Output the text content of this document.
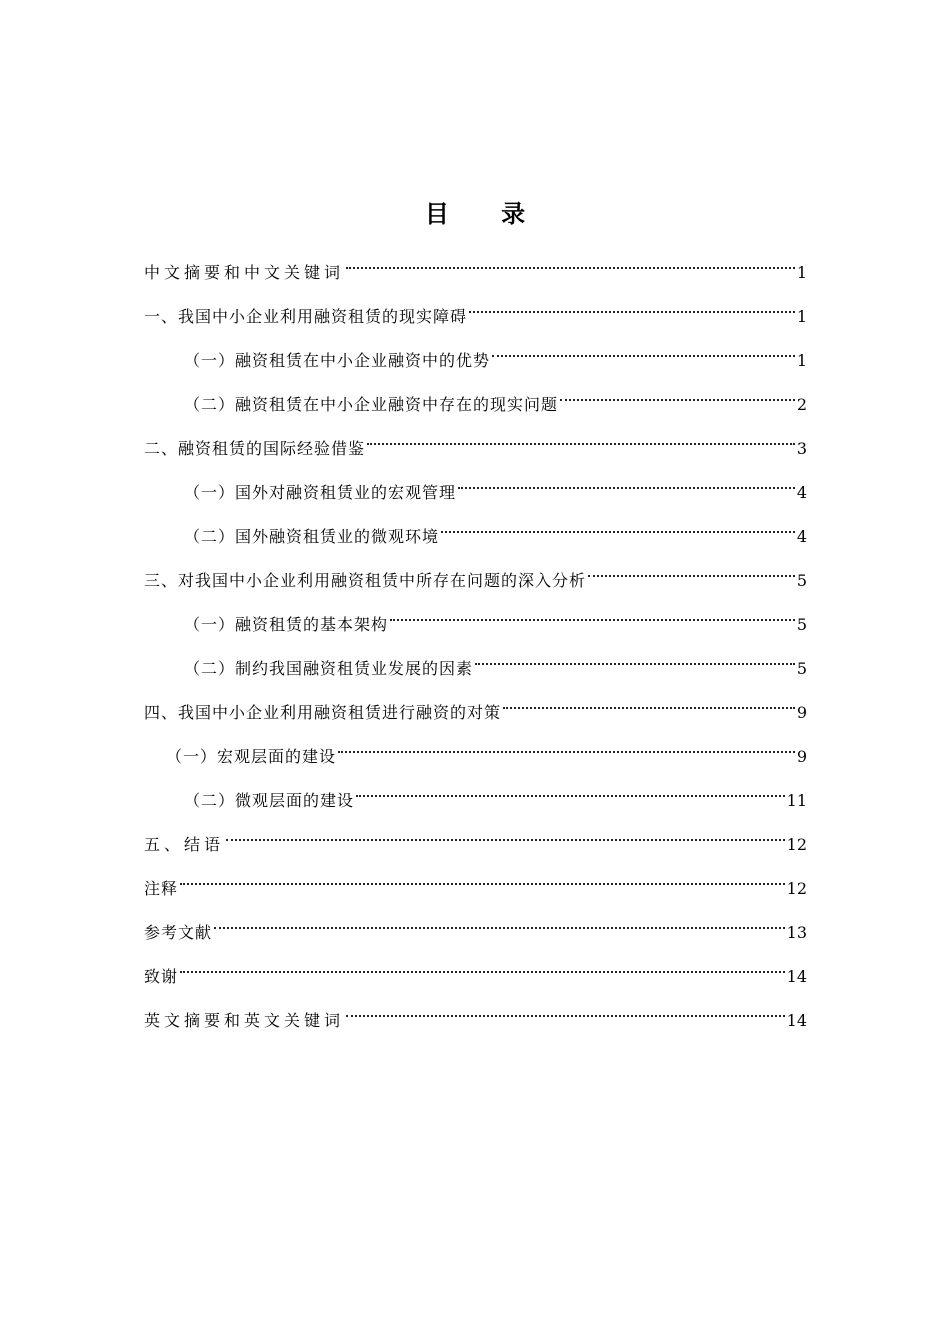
目 录
中文摘要和中文关键词	1
一、我国中小企业利用融资租赁的现实障碍	1
（一）融资租赁在中小企业融资中的优势	1
（二）融资租赁在中小企业融资中存在的现实问题	2
二、融资租赁的国际经验借鉴	3
（一）国外对融资租赁业的宏观管理	4
（二）国外融资租赁业的微观环境	4
三、对我国中小企业利用融资租赁中所存在问题的深入分析	5
（一）融资租赁的基本架构	5
（二）制约我国融资租赁业发展的因素	5
四、我国中小企业利用融资租赁进行融资的对策	9
（一）宏观层面的建设	9
（二）微观层面的建设	11
五、结语	12
注释	12
参考文献	13
致谢	14
英文摘要和英文关键词	14
